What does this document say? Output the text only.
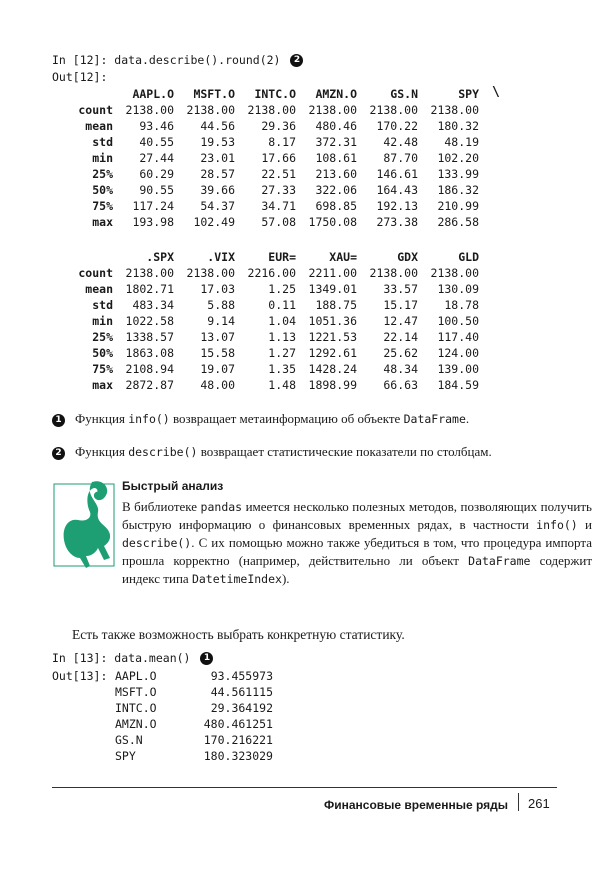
In [12]: data.describe().round(2) 2
Out[12]:
	AAPL.O	MSFT.O	INTC.O	AMZN.O	GS.N	SPY
count	2138.00	2138.00	2138.00	2138.00	2138.00	2138.00
mean	93.46	44.56	29.36	480.46	170.22	180.32
std	40.55	19.53	8.17	372.31	42.48	48.19
min	27.44	23.01	17.66	108.61	87.70	102.20
25%	60.29	28.57	22.51	213.60	146.61	133.99
50%	90.55	39.66	27.33	322.06	164.43	186.32
75%	117.24	54.37	34.71	698.85	192.13	210.99
max	193.98	102.49	57.08	1750.08	273.38	286.58
\
	.SPX	.VIX	EUR=	XAU=	GDX	GLD
count	2138.00	2138.00	2216.00	2211.00	2138.00	2138.00
mean	1802.71	17.03	1.25	1349.01	33.57	130.09
std	483.34	5.88	0.11	188.75	15.17	18.78
min	1022.58	9.14	1.04	1051.36	12.47	100.50
25%	1338.57	13.07	1.13	1221.53	22.14	117.40
50%	1863.08	15.58	1.27	1292.61	25.62	124.00
75%	2108.94	19.07	1.35	1428.24	48.34	139.00
max	2872.87	48.00	1.48	1898.99	66.63	184.59
1 Функция info() возвращает метаинформацию об объекте DataFrame.
2 Функция describe() возвращает статистические показатели по столбцам.
Быстрый анализ
В библиотеке pandas имеется несколько полезных методов, позволяющих получить быструю информацию о финансовых временных рядах, в частности info() и describe(). С их помощью можно также убедиться в том, что процедура импорта прошла корректно (например, действительно ли объект DataFrame содержит индекс типа DatetimeIndex).
Есть также возможность выбрать конкретную статистику.
In [13]: data.mean() 1
Out[13]: AAPL.O	93.455973
MSFT.O	44.561115
INTC.O	29.364192
AMZN.O	480.461251
GS.N	170.216221
SPY	180.323029
Финансовые временные ряды 261
